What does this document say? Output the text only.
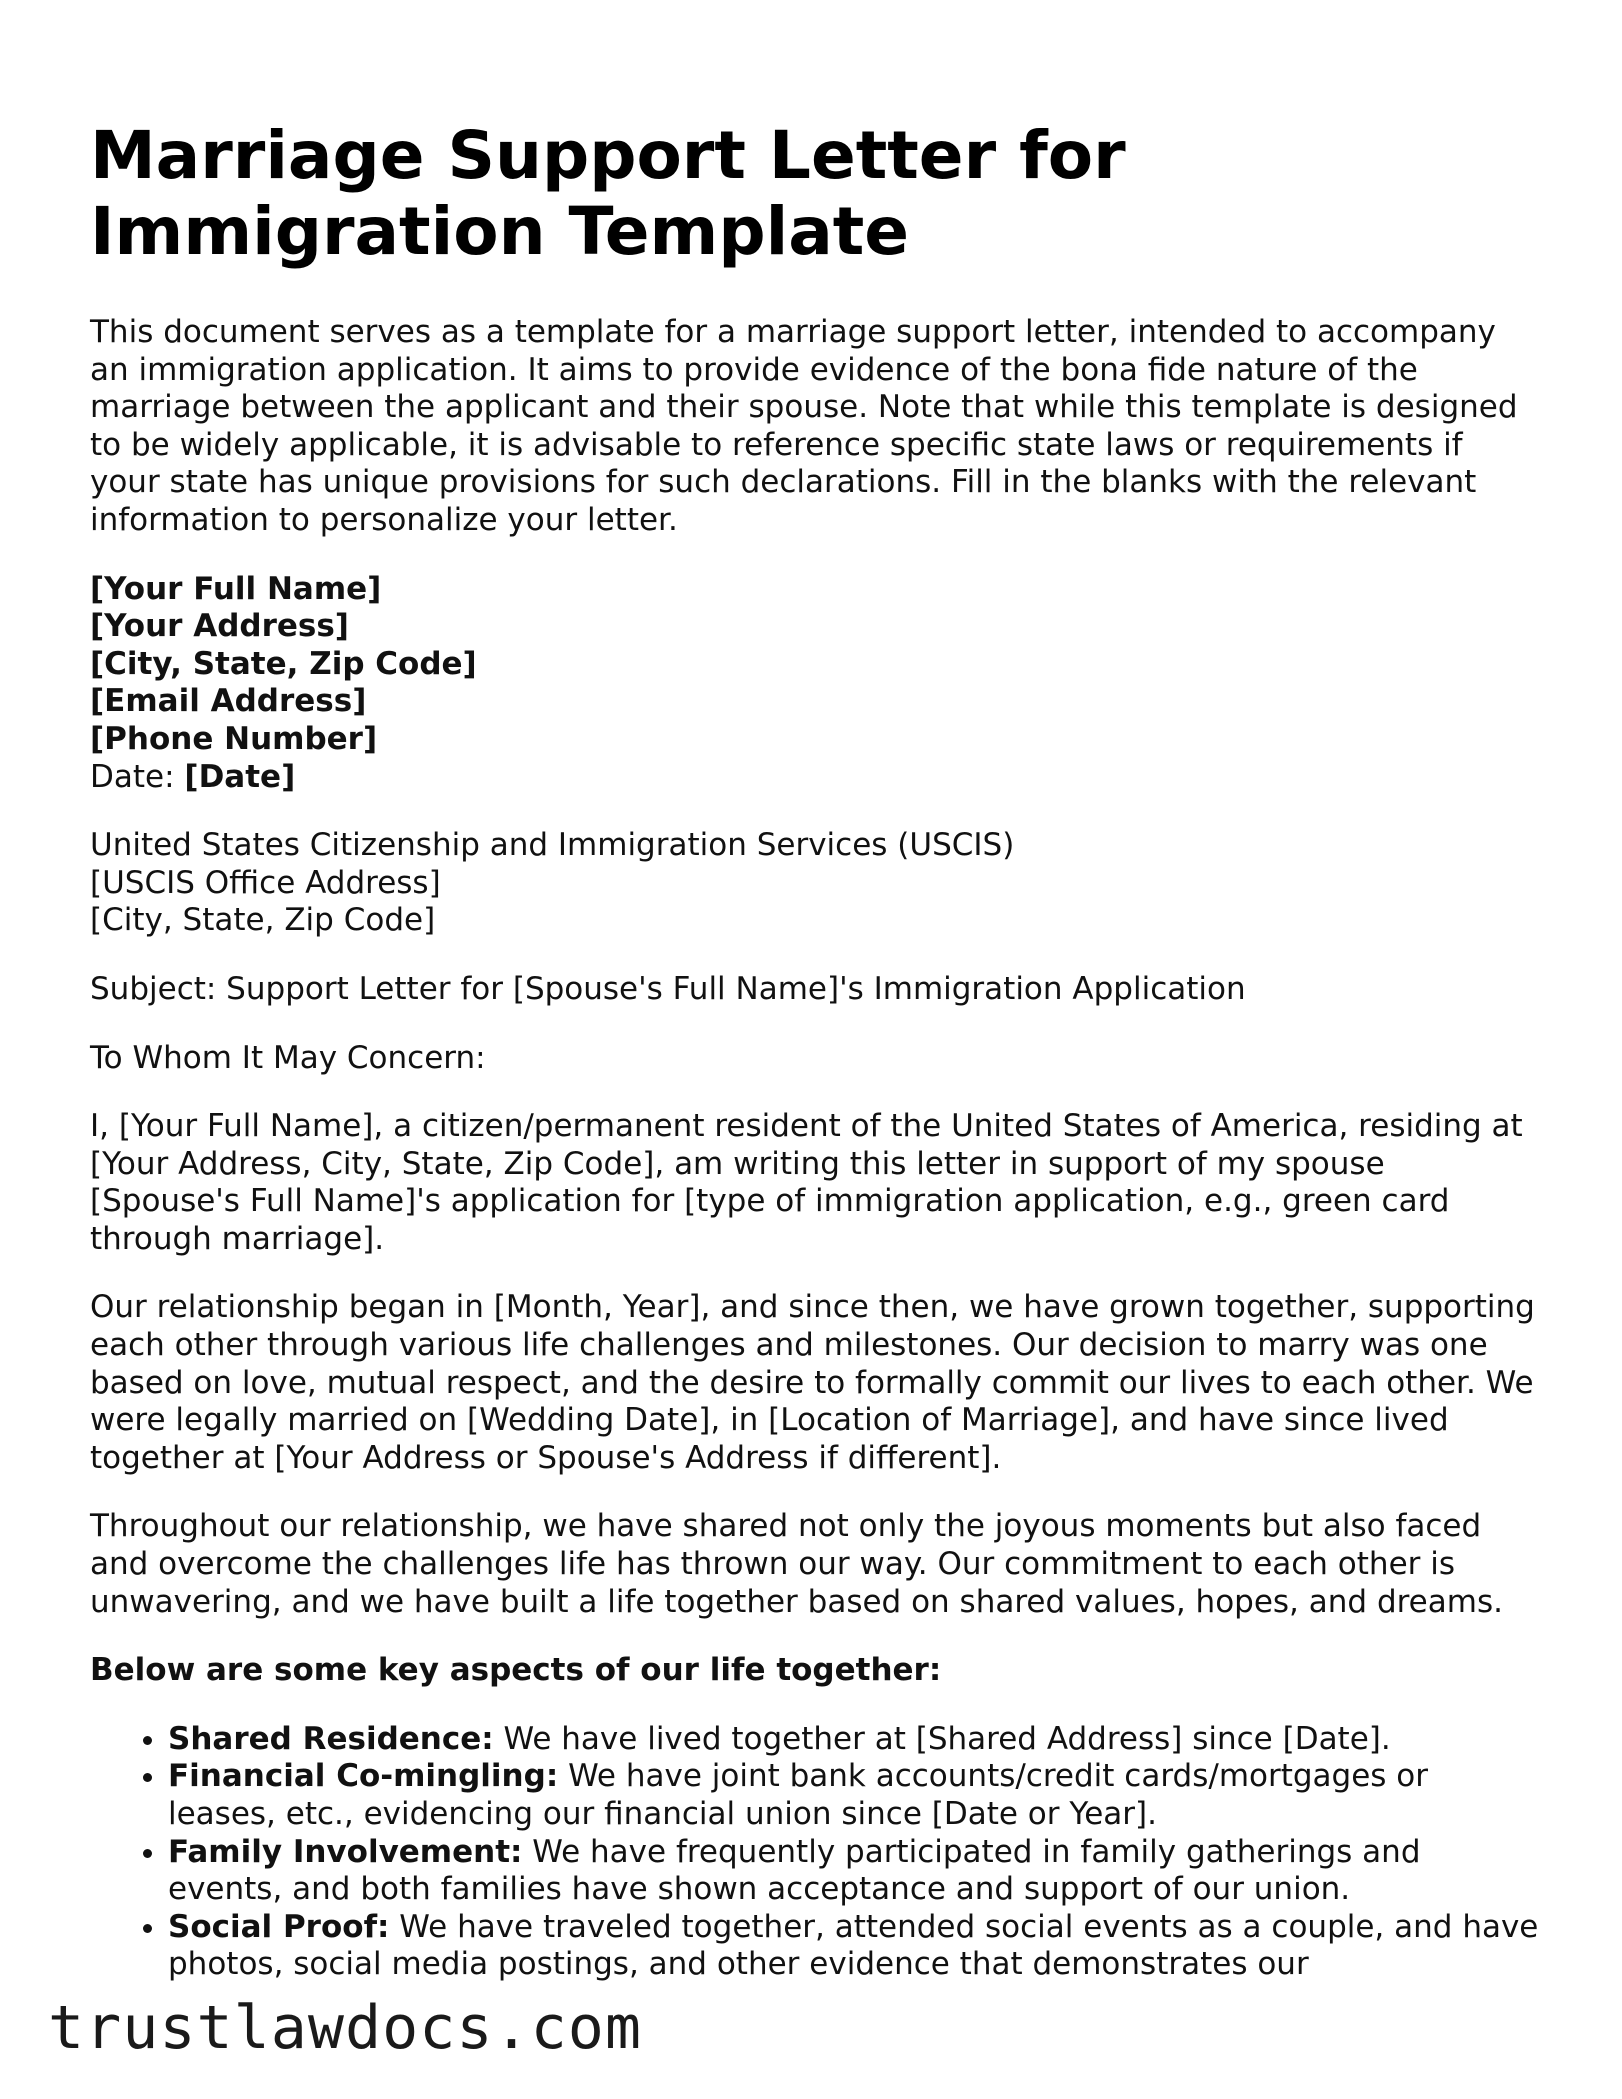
Marriage Support Letter for Immigration Template

This document serves as a template for a marriage support letter, intended to accompany an immigration application. It aims to provide evidence of the bona fide nature of the marriage between the applicant and their spouse. Note that while this template is designed to be widely applicable, it is advisable to reference specific state laws or requirements if your state has unique provisions for such declarations. Fill in the blanks with the relevant information to personalize your letter.

[Your Full Name]
[Your Address]
[City, State, Zip Code]
[Email Address]
[Phone Number]
Date: [Date]
United States Citizenship and Immigration Services (USCIS)
[USCIS Office Address]
[City, State, Zip Code]

Subject: Support Letter for [Spouse's Full Name]'s Immigration Application

To Whom It May Concern:

I, [Your Full Name], a citizen/permanent resident of the United States of America, residing at [Your Address, City, State, Zip Code], am writing this letter in support of my spouse [Spouse's Full Name]'s application for [type of immigration application, e.g., green card through marriage].

Our relationship began in [Month, Year], and since then, we have grown together, supporting each other through various life challenges and milestones. Our decision to marry was one based on love, mutual respect, and the desire to formally commit our lives to each other. We were legally married on [Wedding Date], in [Location of Marriage], and have since lived together at [Your Address or Spouse's Address if different].

Throughout our relationship, we have shared not only the joyous moments but also faced and overcome the challenges life has thrown our way. Our commitment to each other is unwavering, and we have built a life together based on shared values, hopes, and dreams.

Below are some key aspects of our life together:

• Shared Residence: We have lived together at [Shared Address] since [Date].
• Financial Co-mingling: We have joint bank accounts/credit cards/mortgages or leases, etc., evidencing our financial union since [Date or Year].
• Family Involvement: We have frequently participated in family gatherings and events, and both families have shown acceptance and support of our union.
• Social Proof: We have traveled together, attended social events as a couple, and have photos, social media postings, and other evidence that demonstrates our
trustlawdocs.com
